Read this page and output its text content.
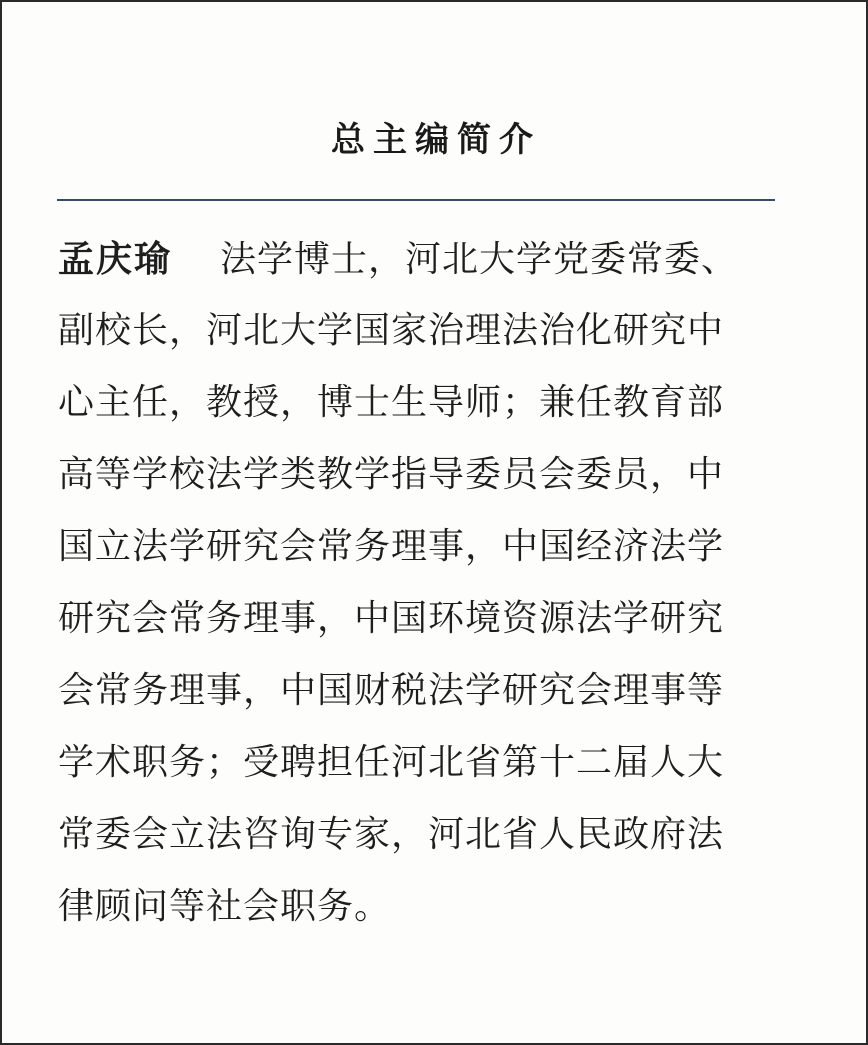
总主编简介
孟庆瑜 法学博士，河北大学党委常委、
副校长，河北大学国家治理法治化研究中
心主任，教授，博士生导师；兼任教育部
高等学校法学类教学指导委员会委员，中
国立法学研究会常务理事，中国经济法学
研究会常务理事，中国环境资源法学研究
会常务理事，中国财税法学研究会理事等
学术职务；受聘担任河北省第十二届人大
常委会立法咨询专家，河北省人民政府法
律顾问等社会职务。
